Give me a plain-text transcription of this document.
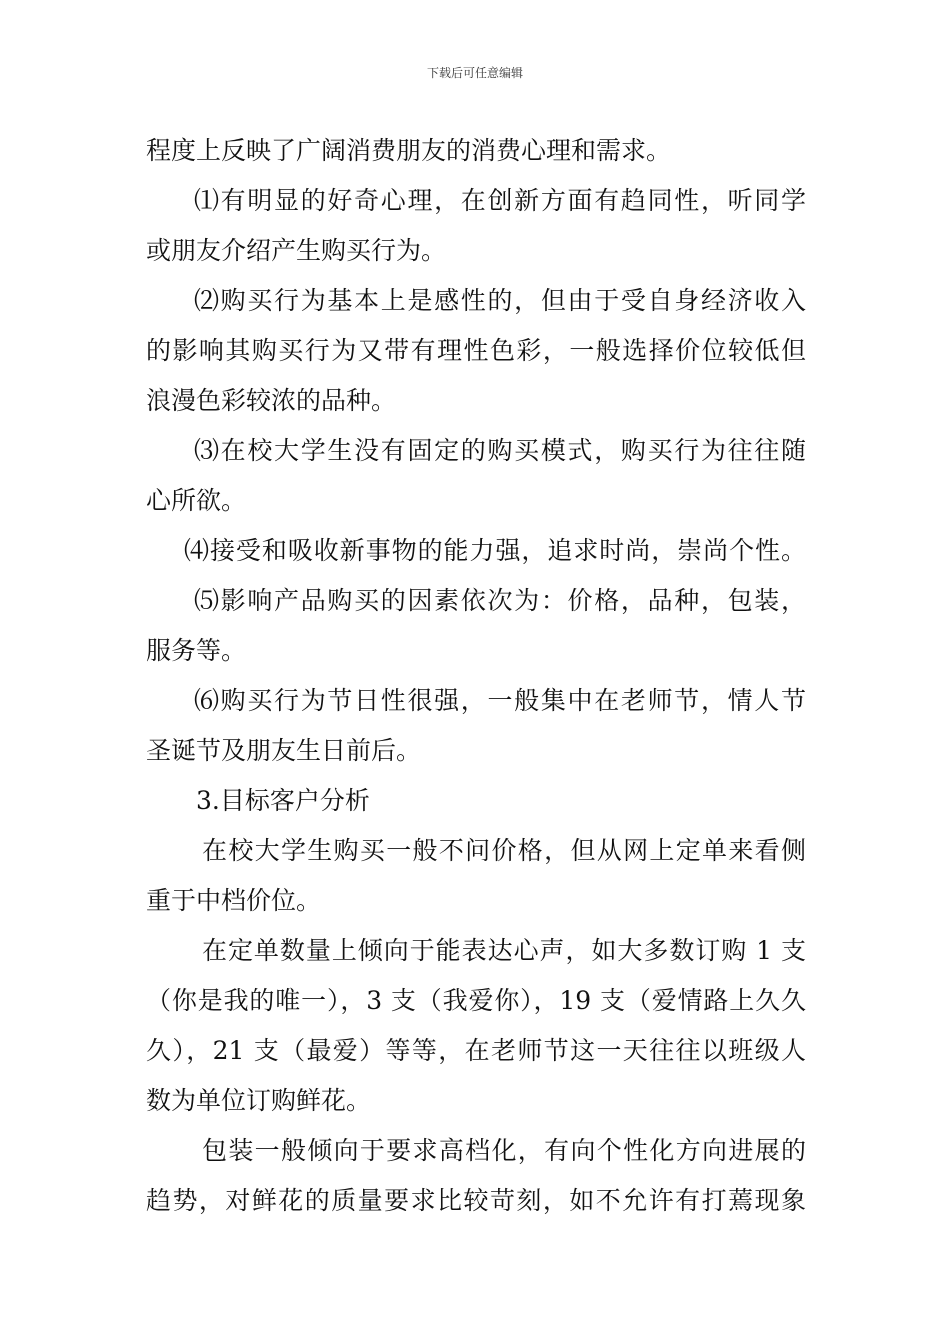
下载后可任意编辑
程度上反映了广阔消费朋友的消费心理和需求。
⑴有明显的好奇心理，在创新方面有趋同性，听同学
或朋友介绍产生购买行为。
⑵购买行为基本上是感性的，但由于受自身经济收入
的影响其购买行为又带有理性色彩，一般选择价位较低但
浪漫色彩较浓的品种。
⑶在校大学生没有固定的购买模式，购买行为往往随
心所欲。
⑷接受和吸收新事物的能力强，追求时尚，崇尚个性。
⑸影响产品购买的因素依次为：价格，品种，包装，
服务等。
⑹购买行为节日性很强，一般集中在老师节，情人节
圣诞节及朋友生日前后。
3.目标客户分析
在校大学生购买一般不问价格，但从网上定单来看侧
重于中档价位。
在定单数量上倾向于能表达心声，如大多数订购 1 支
（你是我的唯一），3 支（我爱你），19 支（爱情路上久久
久），21 支（最爱）等等，在老师节这一天往往以班级人
数为单位订购鲜花。
包装一般倾向于要求高档化，有向个性化方向进展的
趋势，对鲜花的质量要求比较苛刻，如不允许有打蔫现象
